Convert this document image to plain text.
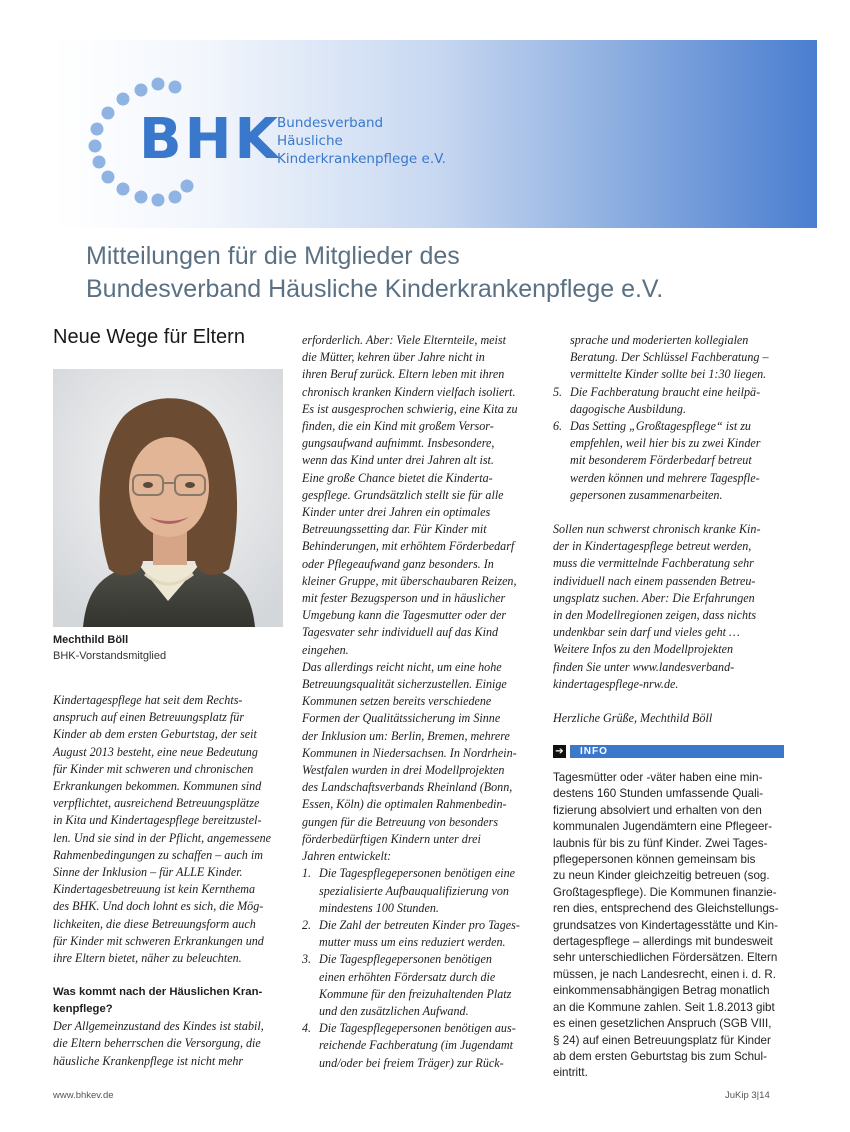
BHK
Bundesverband
Häusliche
Kinderkrankenpflege e.V.
Mitteilungen für die Mitglieder des
Bundesverband Häusliche Kinderkrankenpflege e.V.
Neue Wege für Eltern
Mechthild Böll
BHK-Vorstandsmitglied
Kindertagespflege hat seit dem Rechts-
anspruch auf einen Betreuungsplatz für
Kinder ab dem ersten Geburtstag, der seit
August 2013 besteht, eine neue Bedeutung
für Kinder mit schweren und chronischen
Erkrankungen bekommen. Kommunen sind
verpflichtet, ausreichend Betreuungsplätze
in Kita und Kindertagespflege bereitzustel-
len. Und sie sind in der Pflicht, angemessene
Rahmenbedingungen zu schaffen – auch im
Sinne der Inklusion – für ALLE Kinder.
Kindertagesbetreuung ist kein Kernthema
des BHK. Und doch lohnt es sich, die Mög-
lichkeiten, die diese Betreuungsform auch
für Kinder mit schweren Erkrankungen und
ihre Eltern bietet, näher zu beleuchten.
Was kommt nach der Häuslichen Kran-
kenpflege?
Der Allgemeinzustand des Kindes ist stabil,
die Eltern beherrschen die Versorgung, die
häusliche Krankenpflege ist nicht mehr
erforderlich. Aber: Viele Elternteile, meist
die Mütter, kehren über Jahre nicht in
ihren Beruf zurück. Eltern leben mit ihren
chronisch kranken Kindern vielfach isoliert.
Es ist ausgesprochen schwierig, eine Kita zu
finden, die ein Kind mit großem Versor-
gungsaufwand aufnimmt. Insbesondere,
wenn das Kind unter drei Jahren alt ist.
Eine große Chance bietet die Kinderta-
gespflege. Grundsätzlich stellt sie für alle
Kinder unter drei Jahren ein optimales
Betreuungssetting dar. Für Kinder mit
Behinderungen, mit erhöhtem Förderbedarf
oder Pflegeaufwand ganz besonders. In
kleiner Gruppe, mit überschaubaren Reizen,
mit fester Bezugsperson und in häuslicher
Umgebung kann die Tagesmutter oder der
Tagesvater sehr individuell auf das Kind
eingehen.
Das allerdings reicht nicht, um eine hohe
Betreuungsqualität sicherzustellen. Einige
Kommunen setzen bereits verschiedene
Formen der Qualitätssicherung im Sinne
der Inklusion um: Berlin, Bremen, mehrere
Kommunen in Niedersachsen. In Nordrhein-
Westfalen wurden in drei Modellprojekten
des Landschaftsverbands Rheinland (Bonn,
Essen, Köln) die optimalen Rahmenbedin-
gungen für die Betreuung von besonders
förderbedürftigen Kindern unter drei
Jahren entwickelt:
1. Die Tagespflegepersonen benötigen eine
spezialisierte Aufbauqualifizierung von
mindestens 100 Stunden.
2. Die Zahl der betreuten Kinder pro Tages-
mutter muss um eins reduziert werden.
3. Die Tagespflegepersonen benötigen
einen erhöhten Fördersatz durch die
Kommune für den freizuhaltenden Platz
und den zusätzlichen Aufwand.
4. Die Tagespflegepersonen benötigen aus-
reichende Fachberatung (im Jugendamt
und/oder bei freiem Träger) zur Rück-
sprache und moderierten kollegialen
Beratung. Der Schlüssel Fachberatung –
vermittelte Kinder sollte bei 1:30 liegen.
5. Die Fachberatung braucht eine heilpä-
dagogische Ausbildung.
6. Das Setting „Großtagespflege“ ist zu
empfehlen, weil hier bis zu zwei Kinder
mit besonderem Förderbedarf betreut
werden können und mehrere Tagespfle-
gepersonen zusammenarbeiten.
Sollen nun schwerst chronisch kranke Kin-
der in Kindertagespflege betreut werden,
muss die vermittelnde Fachberatung sehr
individuell nach einem passenden Betreu-
ungsplatz suchen. Aber: Die Erfahrungen
in den Modellregionen zeigen, dass nichts
undenkbar sein darf und vieles geht …
Weitere Infos zu den Modellprojekten
finden Sie unter www.landesverband-
kindertagespflege-nrw.de.
Herzliche Grüße, Mechthild Böll
➔	INFO
Tagesmütter oder -väter haben eine min-
destens 160 Stunden umfassende Quali-
fizierung absolviert und erhalten von den
kommunalen Jugendämtern eine Pflegeer-
laubnis für bis zu fünf Kinder. Zwei Tages-
pflegepersonen können gemeinsam bis
zu neun Kinder gleichzeitig betreuen (sog.
Großtagespflege). Die Kommunen finanzie-
ren dies, entsprechend des Gleichstellungs-
grundsatzes von Kindertagesstätte und Kin-
dertagespflege – allerdings mit bundesweit
sehr unterschiedlichen Fördersätzen. Eltern
müssen, je nach Landesrecht, einen i. d. R.
einkommensabhängigen Betrag monatlich
an die Kommune zahlen. Seit 1.8.2013 gibt
es einen gesetzlichen Anspruch (SGB VIII,
§ 24) auf einen Betreuungsplatz für Kinder
ab dem ersten Geburtstag bis zum Schul-
eintritt.
www.bhkev.de	JuKip 3|14
